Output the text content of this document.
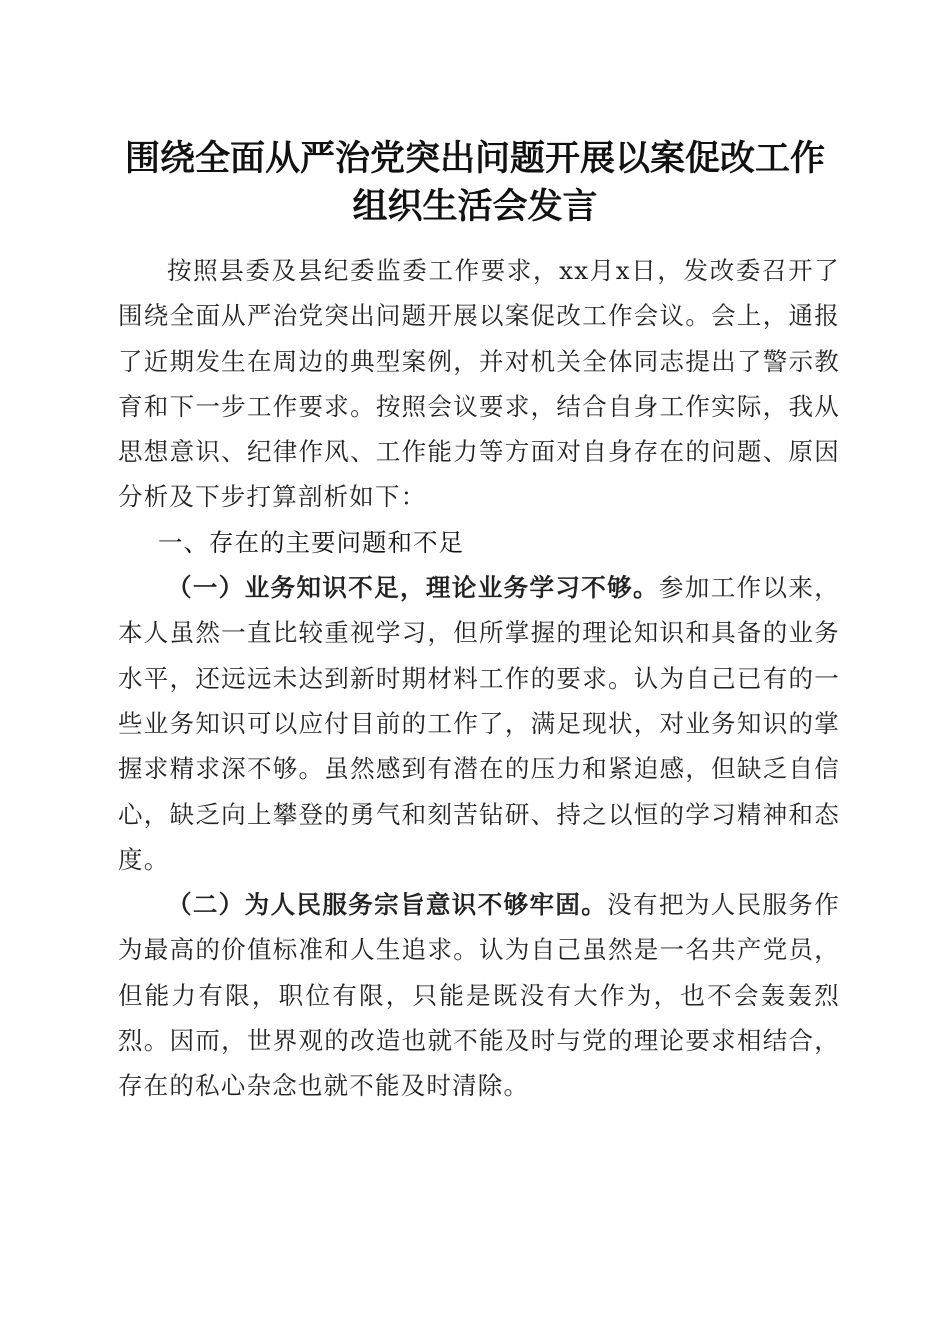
围绕全面从严治党突出问题开展以案促改工作
组织生活会发言

按照县委及县纪委监委工作要求，xx月x日，发改委召开了围绕全面从严治党突出问题开展以案促改工作会议。会上，通报了近期发生在周边的典型案例，并对机关全体同志提出了警示教育和下一步工作要求。按照会议要求，结合自身工作实际，我从思想意识、纪律作风、工作能力等方面对自身存在的问题、原因分析及下步打算剖析如下：

一、存在的主要问题和不足

（一）业务知识不足，理论业务学习不够。参加工作以来，本人虽然一直比较重视学习，但所掌握的理论知识和具备的业务水平，还远远未达到新时期材料工作的要求。认为自己已有的一些业务知识可以应付目前的工作了，满足现状，对业务知识的掌握求精求深不够。虽然感到有潜在的压力和紧迫感，但缺乏自信心，缺乏向上攀登的勇气和刻苦钻研、持之以恒的学习精神和态度。

（二）为人民服务宗旨意识不够牢固。没有把为人民服务作为最高的价值标准和人生追求。认为自己虽然是一名共产党员，但能力有限，职位有限，只能是既没有大作为，也不会轰轰烈烈。因而，世界观的改造也就不能及时与党的理论要求相结合，存在的私心杂念也就不能及时清除。
